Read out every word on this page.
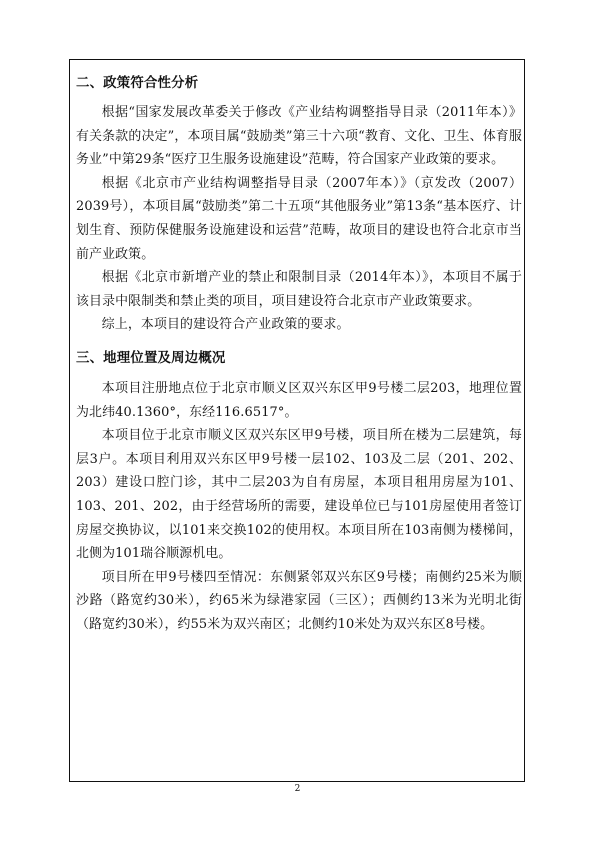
二、政策符合性分析

根据“国家发展改革委关于修改《产业结构调整指导目录（2011年本）》有关条款的决定”，本项目属“鼓励类”第三十六项“教育、文化、卫生、体育服务业”中第29条“医疗卫生服务设施建设”范畴，符合国家产业政策的要求。

根据《北京市产业结构调整指导目录（2007年本）》（京发改（2007）2039号），本项目属“鼓励类”第二十五项“其他服务业”第13条“基本医疗、计划生育、预防保健服务设施建设和运营”范畴，故项目的建设也符合北京市当前产业政策。

根据《北京市新增产业的禁止和限制目录（2014年本）》，本项目不属于该目录中限制类和禁止类的项目，项目建设符合北京市产业政策要求。

综上，本项目的建设符合产业政策的要求。

三、地理位置及周边概况

本项目注册地点位于北京市顺义区双兴东区甲9号楼二层203，地理位置为北纬40.1360°，东经116.6517°。

本项目位于北京市顺义区双兴东区甲9号楼，项目所在楼为二层建筑，每层3户。本项目利用双兴东区甲9号楼一层102、103及二层（201、202、203）建设口腔门诊，其中二层203为自有房屋，本项目租用房屋为101、103、201、202，由于经营场所的需要，建设单位已与101房屋使用者签订房屋交换协议，以101来交换102的使用权。本项目所在103南侧为楼梯间，北侧为101瑞谷顺源机电。

项目所在甲9号楼四至情况：东侧紧邻双兴东区9号楼；南侧约25米为顺沙路（路宽约30米），约65米为绿港家园（三区）；西侧约13米为光明北街（路宽约30米），约55米为双兴南区；北侧约10米处为双兴东区8号楼。

2
